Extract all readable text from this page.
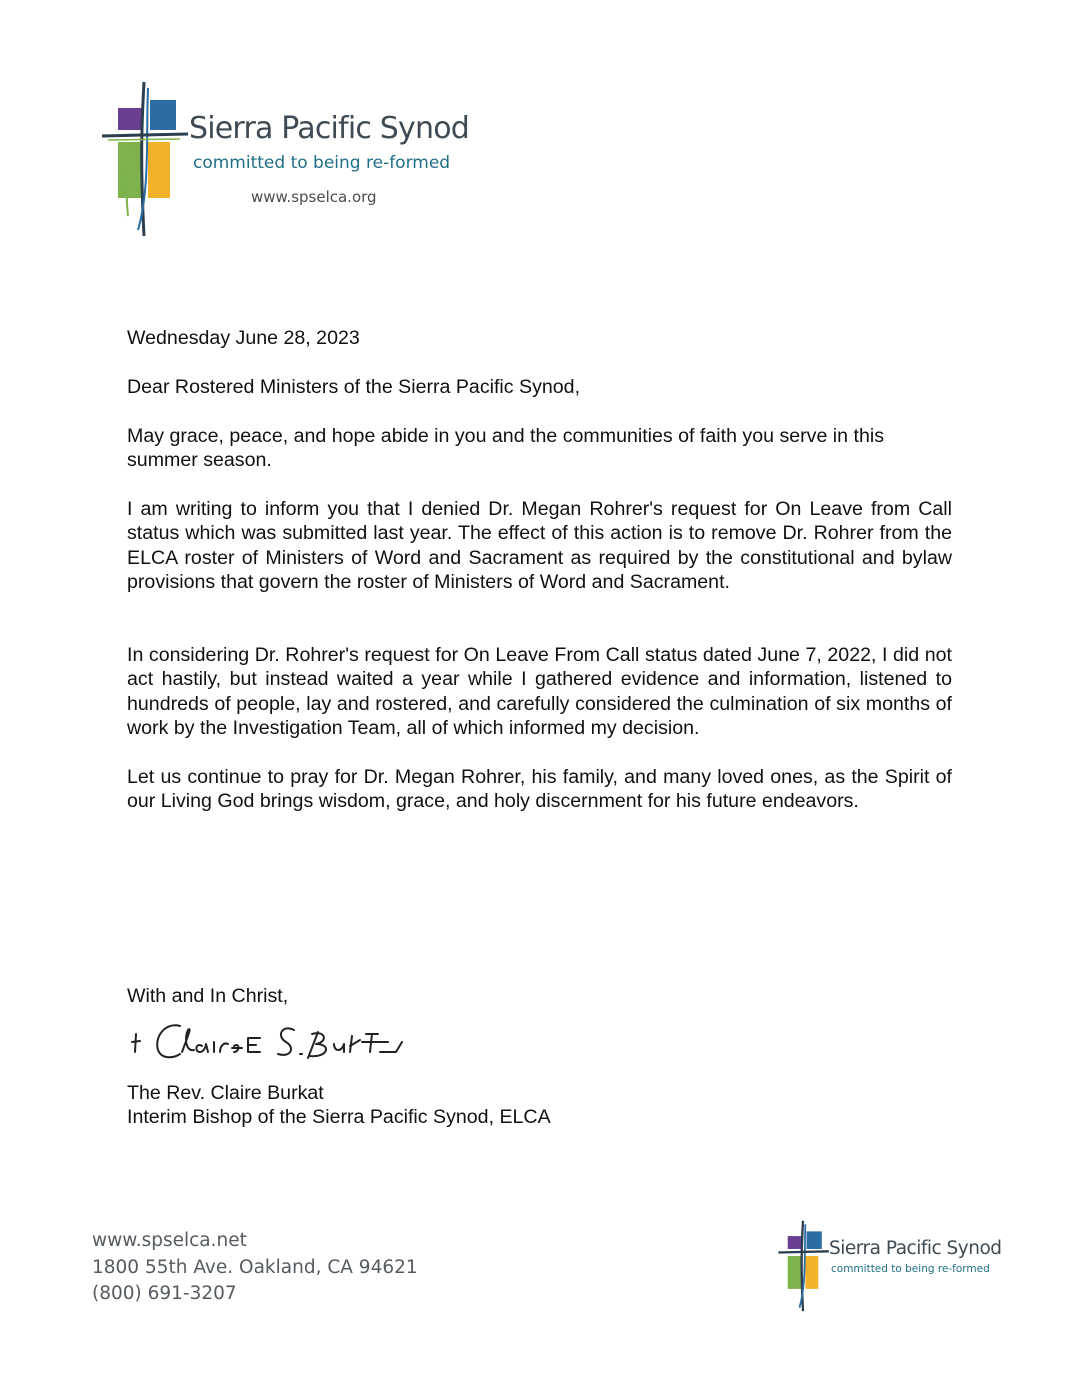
Sierra Pacific Synod
committed to being re-formed
www.spselca.org
Wednesday June 28, 2023
Dear Rostered Ministers of the Sierra Pacific Synod,

May grace, peace, and hope abide in you and the communities of faith you serve in this summer season.

I am writing to inform you that I denied Dr. Megan Rohrer's request for On Leave from Call status which was submitted last year. The effect of this action is to remove Dr. Rohrer from the ELCA roster of Ministers of Word and Sacrament as required by the constitutional and bylaw provisions that govern the roster of Ministers of Word and Sacrament.

In considering Dr. Rohrer's request for On Leave From Call status dated June 7, 2022, I did not act hastily, but instead waited a year while I gathered evidence and information, listened to hundreds of people, lay and rostered, and carefully considered the culmination of six months of work by the Investigation Team, all of which informed my decision.

Let us continue to pray for Dr. Megan Rohrer, his family, and many loved ones, as the Spirit of our Living God brings wisdom, grace, and holy discernment for his future endeavors.

With and In Christ,
The Rev. Claire Burkat
Interim Bishop of the Sierra Pacific Synod, ELCA
www.spselca.net
1800 55th Ave. Oakland, CA 94621
(800) 691-3207
Sierra Pacific Synod
committed to being re-formed
